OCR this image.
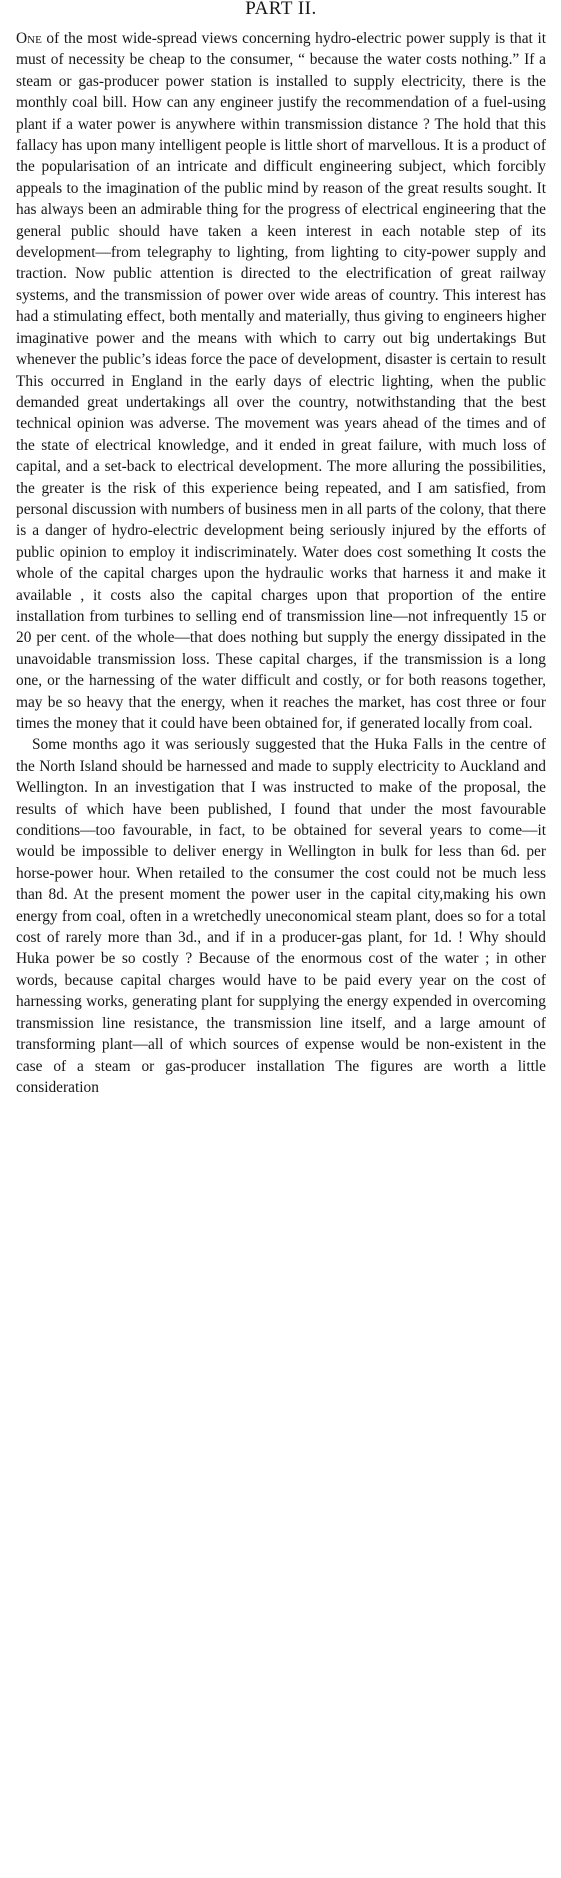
PART II.

One of the most wide-spread views concerning hydro-electric power supply is that it must of necessity be cheap to the consumer, “ because the water costs nothing.” If a steam or gas-producer power station is installed to supply electricity, there is the monthly coal bill. How can any engineer justify the recommendation of a fuel-using plant if a water power is anywhere within transmission distance ? The hold that this fallacy has upon many intelligent people is little short of marvellous. It is a product of the popularisation of an intricate and difficult engineering subject, which forcibly appeals to the imagination of the public mind by reason of the great results sought. It has always been an admirable thing for the progress of electrical engineering that the general public should have taken a keen interest in each notable step of its development—from telegraphy to lighting, from lighting to city-power supply and traction. Now public attention is directed to the electrification of great railway systems, and the transmission of power over wide areas of country. This interest has had a stimulating effect, both mentally and materially, thus giving to engineers higher imaginative power and the means with which to carry out big undertakings But whenever the public’s ideas force the pace of development, disaster is certain to result This occurred in England in the early days of electric lighting, when the public demanded great undertakings all over the country, notwithstanding that the best technical opinion was adverse. The movement was years ahead of the times and of the state of electrical knowledge, and it ended in great failure, with much loss of capital, and a set-back to electrical development. The more alluring the possibilities, the greater is the risk of this experience being repeated, and I am satisfied, from personal discussion with numbers of business men in all parts of the colony, that there is a danger of hydro-electric development being seriously injured by the efforts of public opinion to employ it indiscriminately. Water does cost something It costs the whole of the capital charges upon the hydraulic works that harness it and make it available , it costs also the capital charges upon that proportion of the entire installation from turbines to selling end of transmission line—not infrequently 15 or 20 per cent. of the whole—that does nothing but supply the energy dissipated in the unavoidable transmission loss. These capital charges, if the transmission is a long one, or the harnessing of the water difficult and costly, or for both reasons together, may be so heavy that the energy, when it reaches the market, has cost three or four times the money that it could have been obtained for, if generated locally from coal.

Some months ago it was seriously suggested that the Huka Falls in the centre of the North Island should be harnessed and made to supply electricity to Auckland and Wellington. In an investigation that I was instructed to make of the proposal, the results of which have been published, I found that under the most favourable conditions—too favourable, in fact, to be obtained for several years to come—it would be impossible to deliver energy in Wellington in bulk for less than 6d. per horse-power hour. When retailed to the consumer the cost could not be much less than 8d. At the present moment the power user in the capital city,making his own energy from coal, often in a wretchedly uneconomical steam plant, does so for a total cost of rarely more than 3d., and if in a producer-gas plant, for 1d. ! Why should Huka power be so costly ? Because of the enormous cost of the water ; in other words, because capital charges would have to be paid every year on the cost of harnessing works, generating plant for supplying the energy expended in overcoming transmission line resistance, the transmission line itself, and a large amount of transforming plant—all of which sources of expense would be non-existent in the case of a steam or gas-producer installation The figures are worth a little consideration
